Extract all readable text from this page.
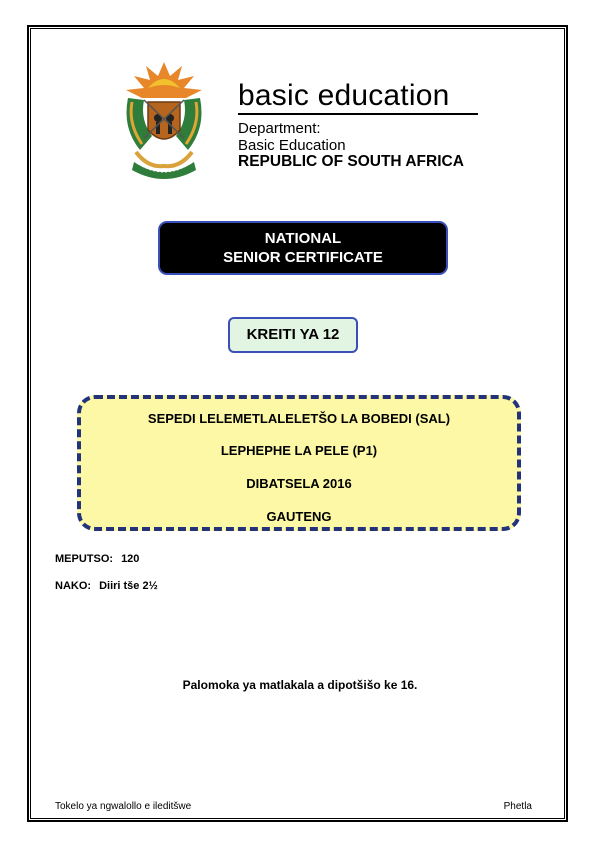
basic education
Department:
Basic Education
REPUBLIC OF SOUTH AFRICA
NATIONAL
SENIOR CERTIFICATE
KREITI YA 12
SEPEDI LELEMETLALELETŠO LA BOBEDI (SAL)
LEPHEPHE LA PELE (P1)
DIBATSELA 2016
GAUTENG
MEPUTSO: 120
NAKO: Diiri tše 2½
Palomoka ya matlakala a dipotšišo ke 16.
Tokelo ya ngwalollo e ileditšwe	Phetla
